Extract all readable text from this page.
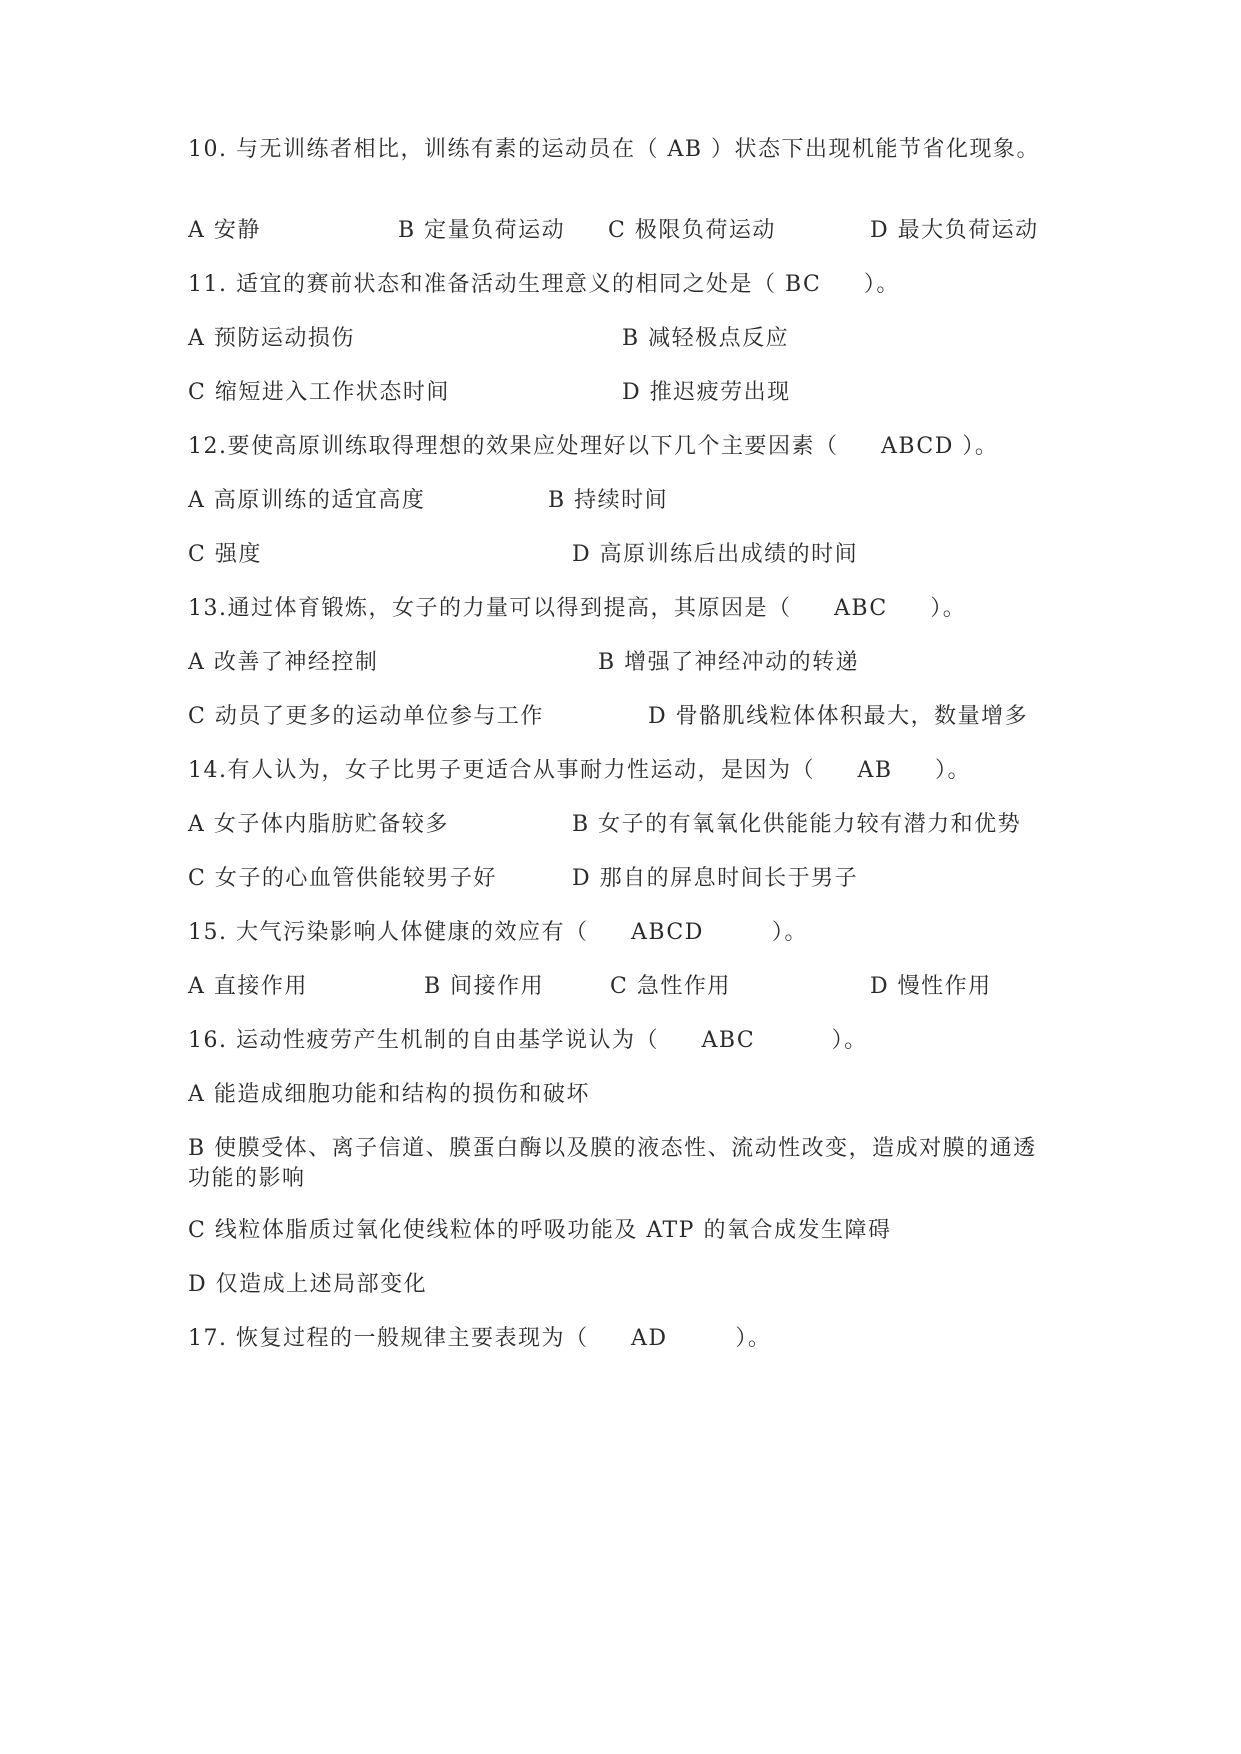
10. 与无训练者相比，训练有素的运动员在（ AB ）状态下出现机能节省化现象。
A 安静	B 定量负荷运动 C 极限负荷运动	D 最大负荷运动
11. 适宜的赛前状态和准备活动生理意义的相同之处是（ BC     ）。
A 预防运动损伤	B 减轻极点反应
C 缩短进入工作状态时间	D 推迟疲劳出现
12.要使高原训练取得理想的效果应处理好以下几个主要因素（     ABCD ）。
A 高原训练的适宜高度	B 持续时间
C 强度	D 高原训练后出成绩的时间
13.通过体育锻炼，女子的力量可以得到提高，其原因是（     ABC     ）。
A 改善了神经控制	B 增强了神经冲动的转递
C 动员了更多的运动单位参与工作	D 骨骼肌线粒体体积最大，数量增多
14.有人认为，女子比男子更适合从事耐力性运动，是因为（     AB     ）。
A 女子体内脂肪贮备较多	B 女子的有氧氧化供能能力较有潜力和优势
C 女子的心血管供能较男子好	D 那自的屏息时间长于男子
15. 大气污染影响人体健康的效应有（     ABCD        ）。
A 直接作用	B 间接作用	C 急性作用	D 慢性作用
16. 运动性疲劳产生机制的自由基学说认为（     ABC         ）。
A 能造成细胞功能和结构的损伤和破坏
B 使膜受体、离子信道、膜蛋白酶以及膜的液态性、流动性改变，造成对膜的通透功能的影响
C 线粒体脂质过氧化使线粒体的呼吸功能及 ATP 的氧合成发生障碍
D 仅造成上述局部变化
17. 恢复过程的一般规律主要表现为（     AD        ）。
